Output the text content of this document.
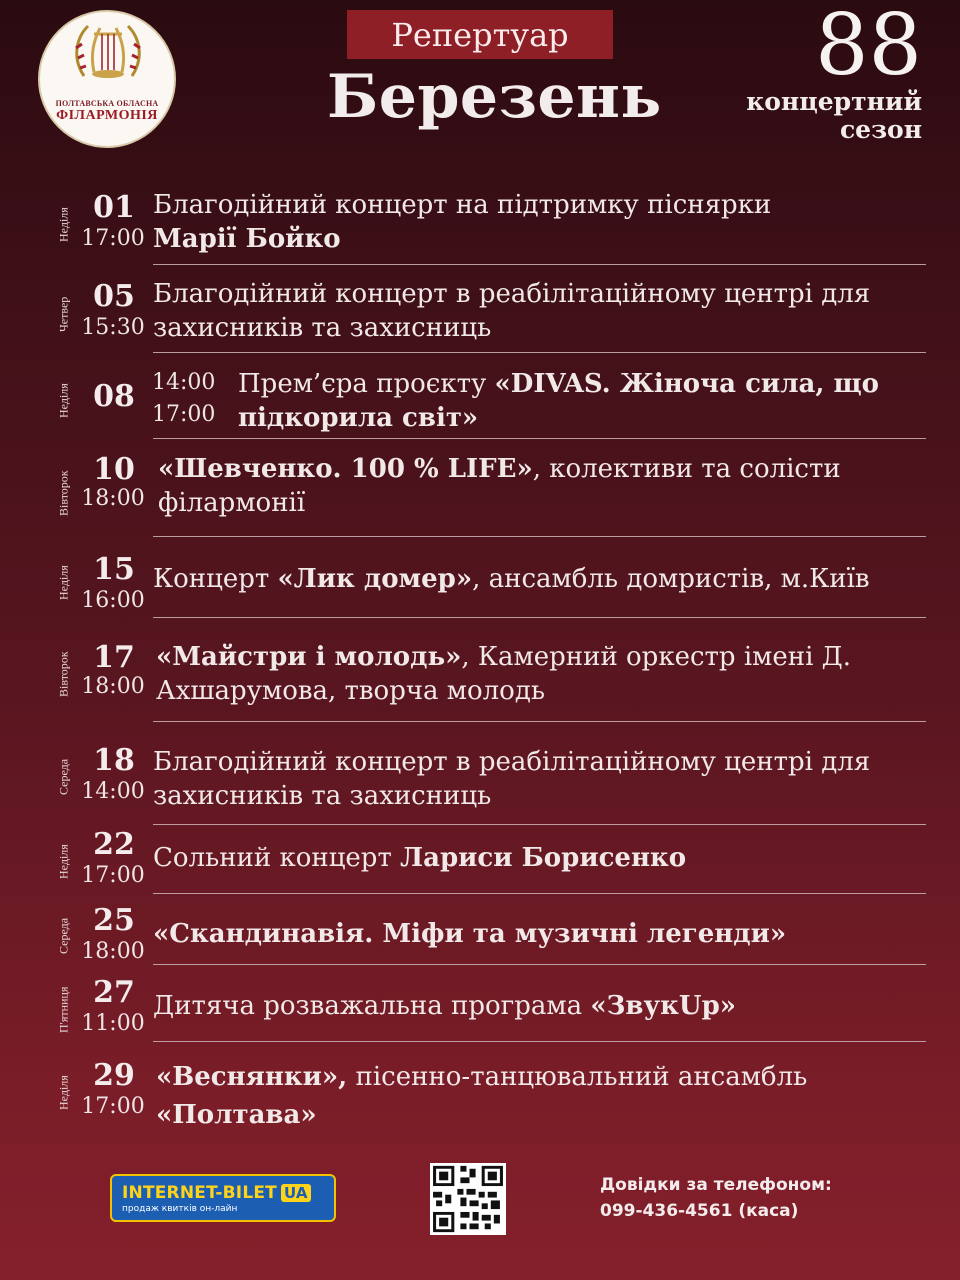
ПОЛТАВСЬКА ОБЛАСНА
ФІЛАРМОНІЯ
Репертуар
Березень
88
концертний
сезон
Неділя 01
17:00
Благодійний концерт на підтримку піснярки
Марії Бойко
Четвер 05
15:30
Благодійний концерт в реабілітаційному центрі для захисників та захисниць
Неділя 08 14:00
17:00
Прем’єра проєкту «DIVAS. Жіноча сила, що підкорила світ»
Вівторок
10
18:00
«Шевченко. 100 % LIFE», колективи та солісти філармонії
Неділя 15
16:00
Концерт «Лик домер», ансамбль домристів, м.Київ
Вівторок 17
18:00
«Майстри і молодь», Камерний оркестр імені Д. Ахшарумова, творча молодь
Середа 18
14:00
Благодійний концерт в реабілітаційному центрі для захисників та захисниць
Неділя 22
17:00
Сольний концерт Лариси Борисенко
Середа 25
18:00
«Скандинавія. Міфи та музичні легенди»
П'ятниця 27
11:00
Дитяча розважальна програма «ЗвукUp»
Неділя 29
17:00
«Веснянки», пісенно-танцювальний ансамбль
«Полтава»
INTERNET-BILET UA
продаж квитків он-лайн
Довідки за телефоном:
099-436-4561 (каса)
